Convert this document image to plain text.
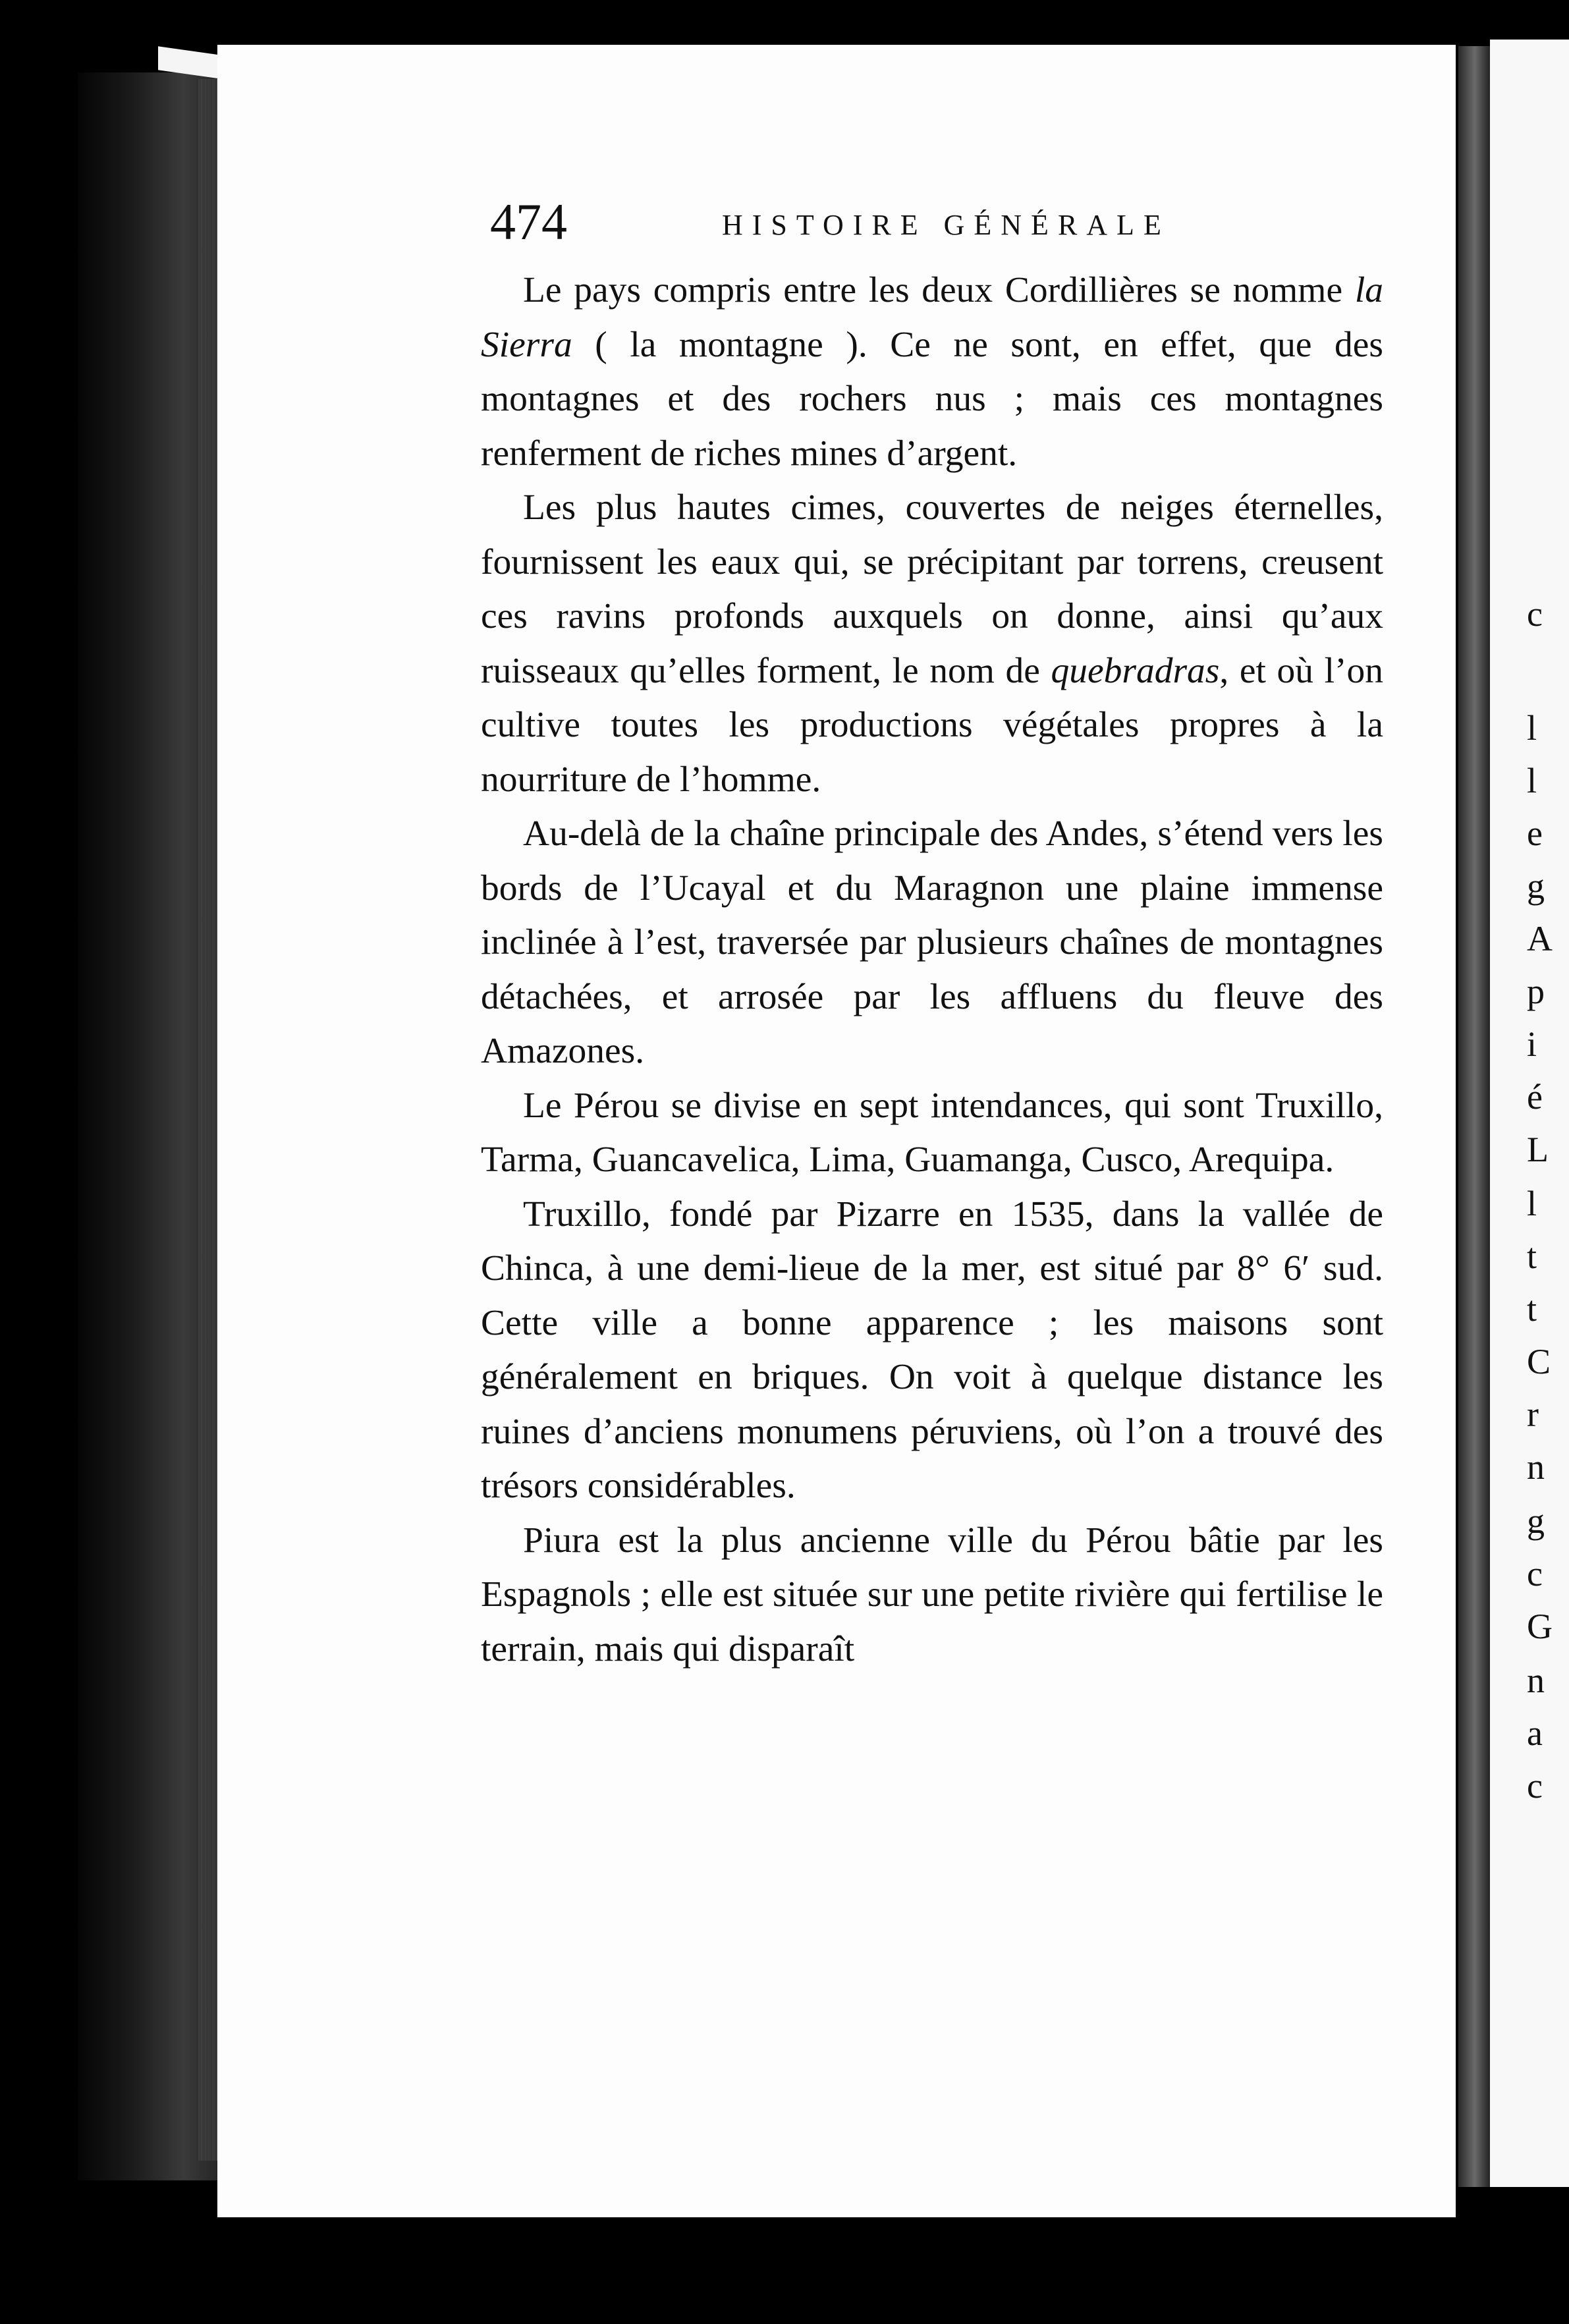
c
l
l
e
g
A
p
i
é
L
l
t
t
C
r
n
g
c
G
n
a
c
474	HISTOIRE GÉNÉRALE

Le pays compris entre les deux Cordillières se nomme la Sierra ( la montagne ). Ce ne sont, en effet, que des montagnes et des rochers nus ; mais ces montagnes renferment de riches mines d’argent.

Les plus hautes cimes, couvertes de neiges éternelles, fournissent les eaux qui, se précipitant par torrens, creusent ces ravins profonds auxquels on donne, ainsi qu’aux ruisseaux qu’elles forment, le nom de quebradras, et où l’on cultive toutes les productions végétales propres à la nourriture de l’homme.

Au-delà de la chaîne principale des Andes, s’étend vers les bords de l’Ucayal et du Maragnon une plaine immense inclinée à l’est, traversée par plusieurs chaînes de montagnes détachées, et arrosée par les affluens du fleuve des Amazones.

Le Pérou se divise en sept intendances, qui sont Truxillo, Tarma, Guancavelica, Lima, Guamanga, Cusco, Arequipa.

Truxillo, fondé par Pizarre en 1535, dans la vallée de Chinca, à une demi-lieue de la mer, est situé par 8° 6′ sud. Cette ville a bonne apparence ; les maisons sont généralement en briques. On voit à quelque distance les ruines d’anciens monumens péruviens, où l’on a trouvé des trésors considérables.

Piura est la plus ancienne ville du Pérou bâtie par les Espagnols ; elle est située sur une petite rivière qui fertilise le terrain, mais qui disparaît
